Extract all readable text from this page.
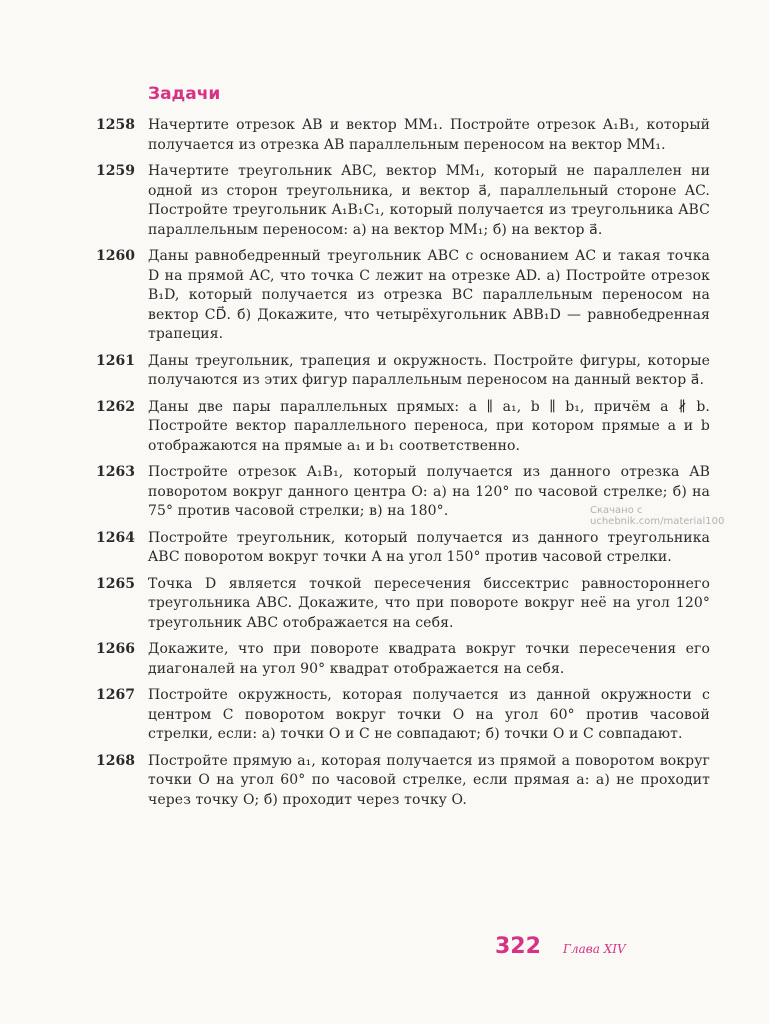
Задачи
1258 Начертите отрезок AB и вектор MM₁. Постройте отрезок A₁B₁, который получается из отрезка AB параллельным переносом на вектор MM₁.
1259 Начертите треугольник ABC, вектор MM₁, который не параллелен ни одной из сторон треугольника, и вектор a⃗, параллельный стороне AC. Постройте треугольник A₁B₁C₁, который получается из треугольника ABC параллельным переносом: а) на вектор MM₁; б) на вектор a⃗.
1260 Даны равнобедренный треугольник ABC с основанием AC и такая точка D на прямой AC, что точка C лежит на отрезке AD. а) Постройте отрезок B₁D, который получается из отрезка BC параллельным переносом на вектор CD⃗. б) Докажите, что четырёхугольник ABB₁D — равнобедренная трапеция.
1261 Даны треугольник, трапеция и окружность. Постройте фигуры, которые получаются из этих фигур параллельным переносом на данный вектор a⃗.
1262 Даны две пары параллельных прямых: a ∥ a₁, b ∥ b₁, причём a ∦ b. Постройте вектор параллельного переноса, при котором прямые a и b отображаются на прямые a₁ и b₁ соответственно.
1263 Постройте отрезок A₁B₁, который получается из данного отрезка AB поворотом вокруг данного центра O: а) на 120° по часовой стрелке; б) на 75° против часовой стрелки; в) на 180°.
1264 Постройте треугольник, который получается из данного треугольника ABC поворотом вокруг точки A на угол 150° против часовой стрелки.
1265 Точка D является точкой пересечения биссектрис равностороннего треугольника ABC. Докажите, что при повороте вокруг неё на угол 120° треугольник ABC отображается на себя.
1266 Докажите, что при повороте квадрата вокруг точки пересечения его диагоналей на угол 90° квадрат отображается на себя.
1267 Постройте окружность, которая получается из данной окружности с центром C поворотом вокруг точки O на угол 60° против часовой стрелки, если: а) точки O и C не совпадают; б) точки O и C совпадают.
1268 Постройте прямую a₁, которая получается из прямой a поворотом вокруг точки O на угол 60° по часовой стрелке, если прямая a: а) не проходит через точку O; б) проходит через точку O.
Скачано с uchebnik.com/material100
322 Глава XIV
